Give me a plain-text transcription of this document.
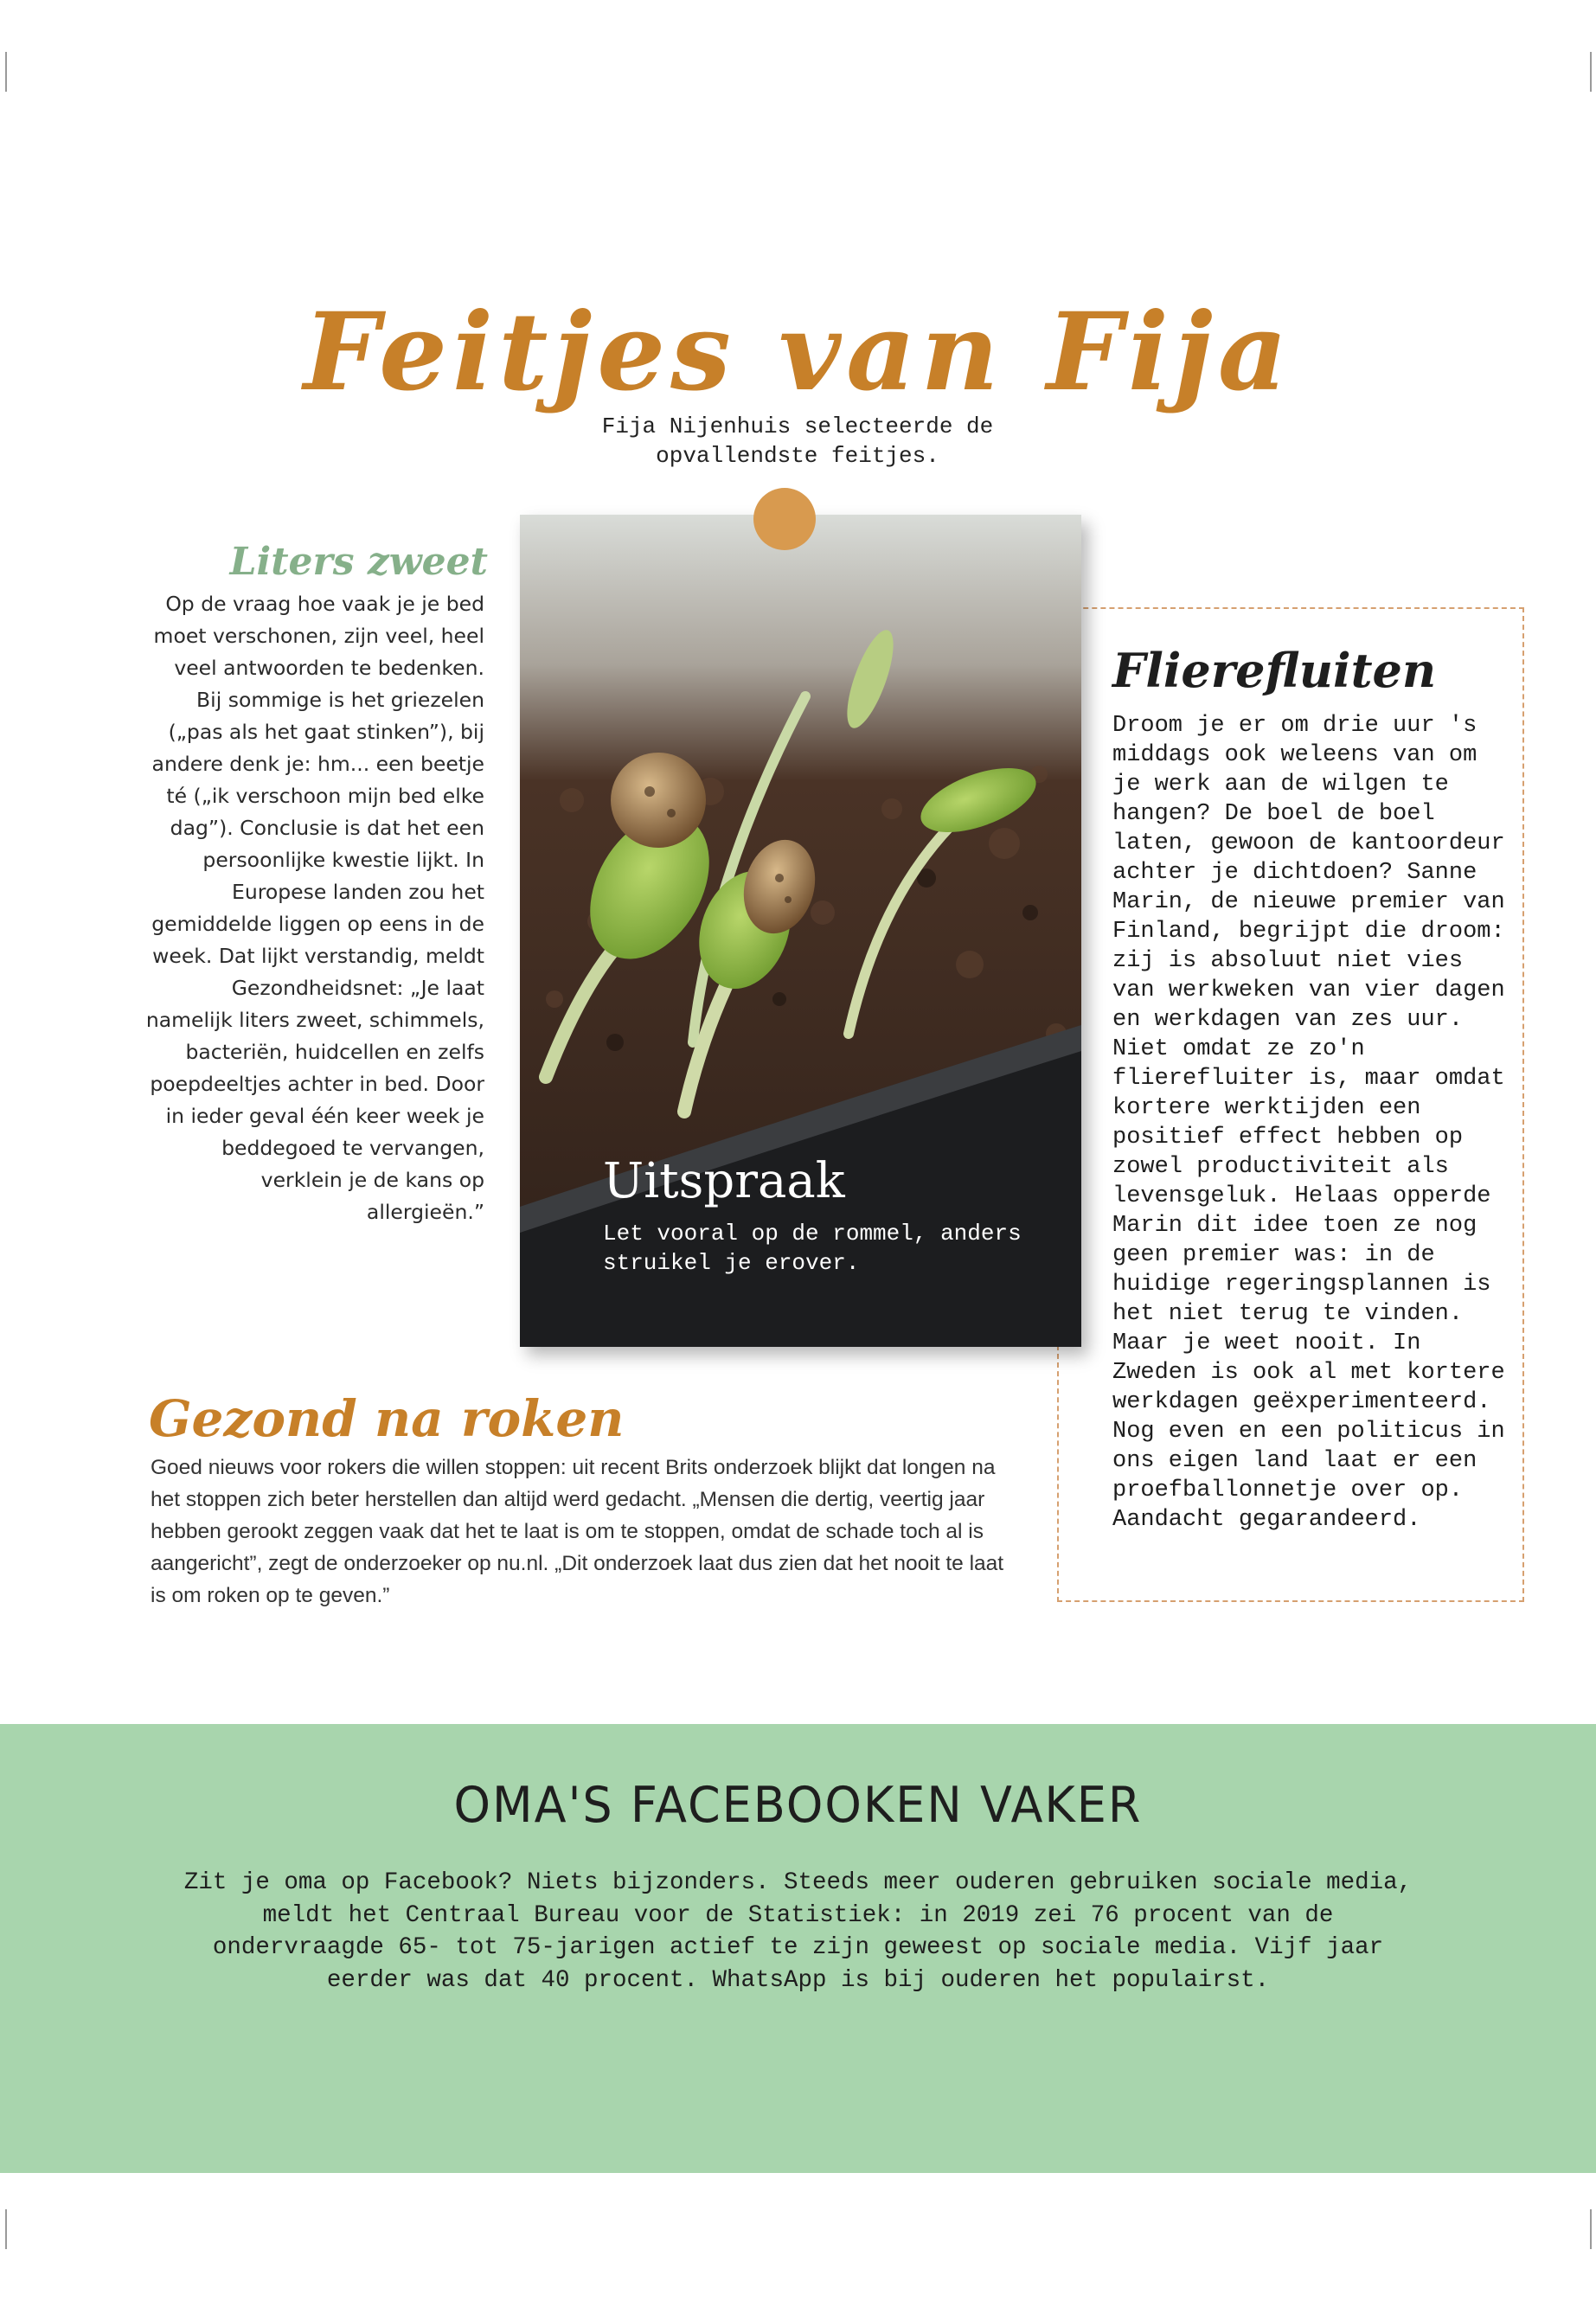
Feitjes van Fija
Fija Nijenhuis selecteerde de opvallendste feitjes.
Liters zweet
Op de vraag hoe vaak je je bed moet verschonen, zijn veel, heel veel antwoorden te bedenken. Bij sommige is het griezelen („pas als het gaat stinken”), bij andere denk je: hm... een beetje té („ik verschoon mijn bed elke dag”). Conclusie is dat het een persoonlijke kwestie lijkt. In Europese landen zou het gemiddelde liggen op eens in de week. Dat lijkt verstandig, meldt Gezondheidsnet: „Je laat namelijk liters zweet, schimmels, bacteriën, huidcellen en zelfs poepdeeltjes achter in bed. Door in ieder geval één keer week je beddegoed te vervangen, verklein je de kans op allergieën.”
Uitspraak
Let vooral op de rommel, anders struikel je erover.
Flierefluiten
Droom je er om drie uur 's middags ook weleens van om je werk aan de wilgen te hangen? De boel de boel laten, gewoon de kantoordeur achter je dichtdoen? Sanne Marin, de nieuwe premier van Finland, begrijpt die droom: zij is absoluut niet vies van werkweken van vier dagen en werkdagen van zes uur. Niet omdat ze zo'n flierefluiter is, maar omdat kortere werktijden een positief effect hebben op zowel productiviteit als levensgeluk. Helaas opperde Marin dit idee toen ze nog geen premier was: in de huidige regeringsplannen is het niet terug te vinden. Maar je weet nooit. In Zweden is ook al met kortere werkdagen geëxperimenteerd. Nog even en een politicus in ons eigen land laat er een proefballonnetje over op. Aandacht gegarandeerd.
Gezond na roken
Goed nieuws voor rokers die willen stoppen: uit recent Brits onderzoek blijkt dat longen na het stoppen zich beter herstellen dan altijd werd gedacht. „Mensen die dertig, veertig jaar hebben gerookt zeggen vaak dat het te laat is om te stoppen, omdat de schade toch al is aangericht”, zegt de onderzoeker op nu.nl. „Dit onderzoek laat dus zien dat het nooit te laat is om roken op te geven.”
OMA'S FACEBOOKEN VAKER
Zit je oma op Facebook? Niets bijzonders. Steeds meer ouderen gebruiken sociale media, meldt het Centraal Bureau voor de Statistiek: in 2019 zei 76 procent van de ondervraagde 65- tot 75-jarigen actief te zijn geweest op sociale media. Vijf jaar eerder was dat 40 procent. WhatsApp is bij ouderen het populairst.
